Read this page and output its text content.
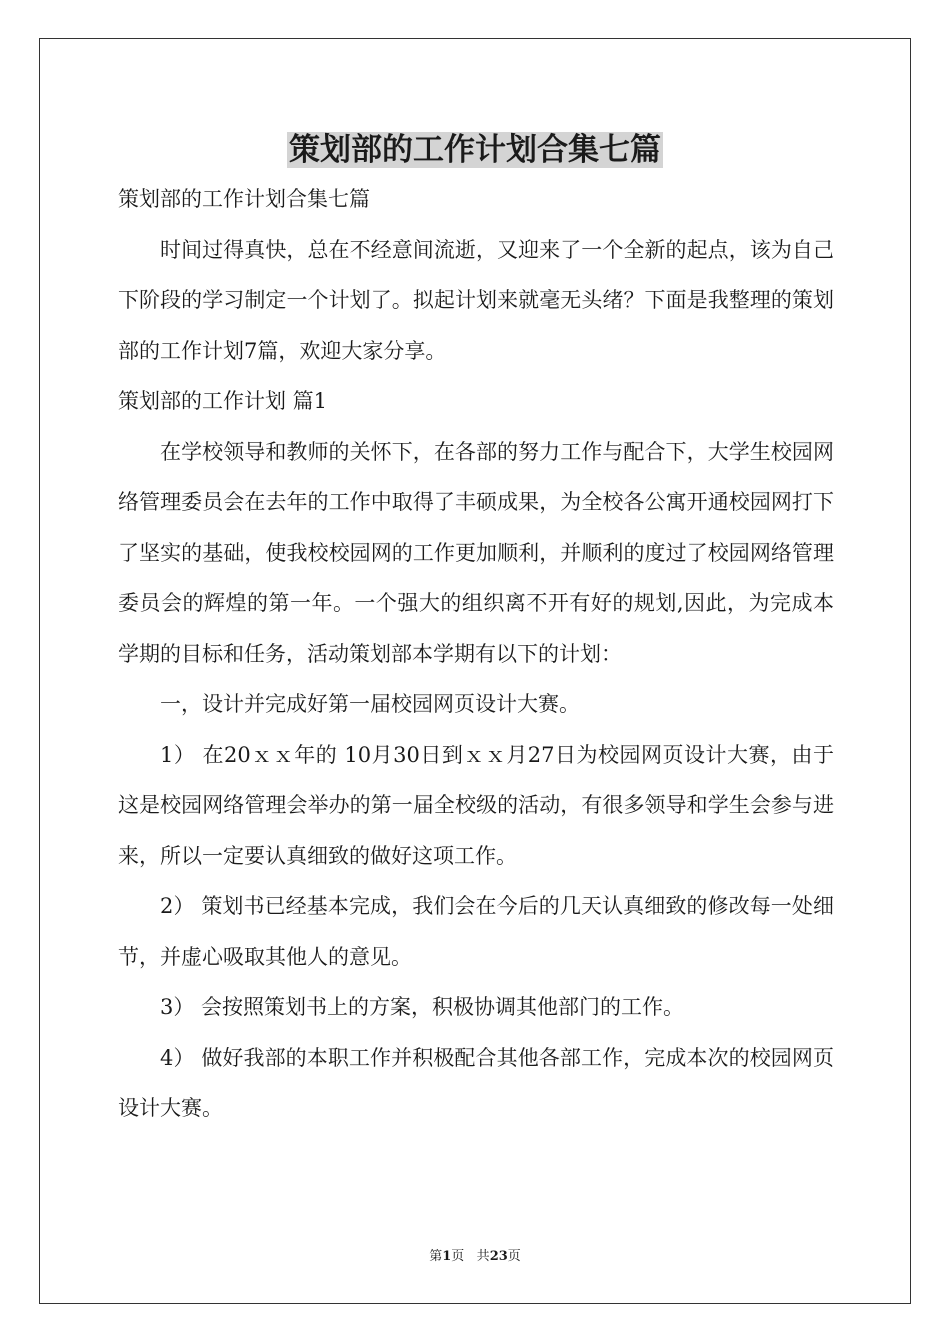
策划部的工作计划合集七篇

策划部的工作计划合集七篇

时间过得真快，总在不经意间流逝，又迎来了一个全新的起点，该为自己下阶段的学习制定一个计划了。拟起计划来就毫无头绪？下面是我整理的策划部的工作计划7篇，欢迎大家分享。

策划部的工作计划 篇1

在学校领导和教师的关怀下，在各部的努力工作与配合下，大学生校园网络管理委员会在去年的工作中取得了丰硕成果，为全校各公寓开通校园网打下了坚实的基础，使我校校园网的工作更加顺利，并顺利的度过了校园网络管理委员会的辉煌的第一年。一个强大的组织离不开有好的规划,因此，为完成本学期的目标和任务，活动策划部本学期有以下的计划：

一，设计并完成好第一届校园网页设计大赛。

1） 在20ｘｘ年的 10月30日到ｘｘ月27日为校园网页设计大赛，由于这是校园网络管理会举办的第一届全校级的活动，有很多领导和学生会参与进来，所以一定要认真细致的做好这项工作。

2） 策划书已经基本完成，我们会在今后的几天认真细致的修改每一处细节，并虚心吸取其他人的意见。

3） 会按照策划书上的方案，积极协调其他部门的工作。

4） 做好我部的本职工作并积极配合其他各部工作，完成本次的校园网页设计大赛。

第1页 共23页
